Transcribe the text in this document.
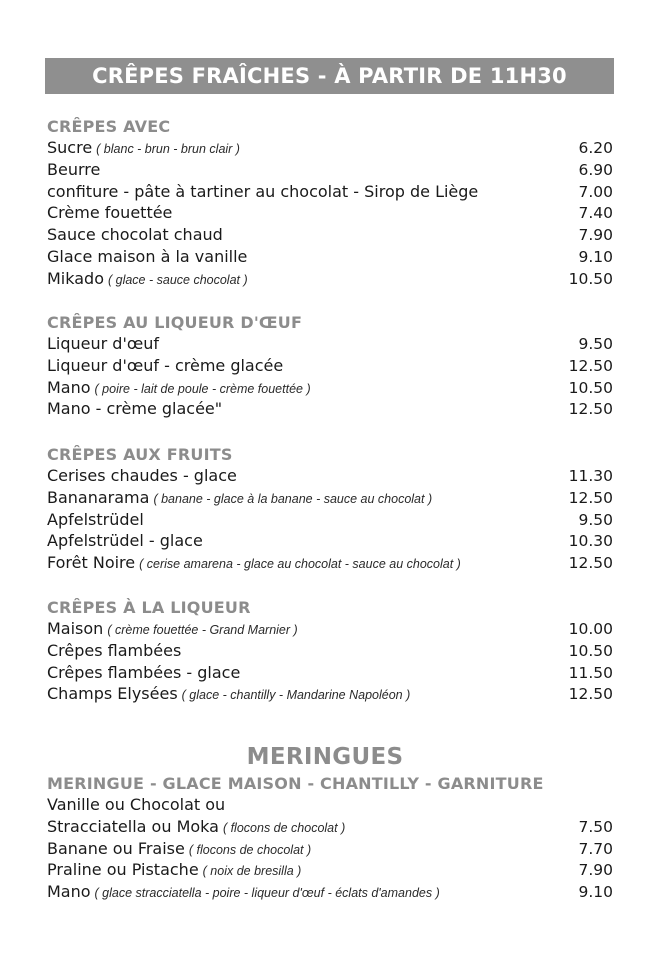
CRÊPES FRAÎCHES - À PARTIR DE 11H30
CRÊPES AVEC
Sucre ( blanc - brun - brun clair )	6.20
Beurre	6.90
confiture - pâte à tartiner au chocolat - Sirop de Liège	7.00
Crème fouettée	7.40
Sauce chocolat chaud	7.90
Glace maison à la vanille	9.10
Mikado ( glace - sauce chocolat )	10.50
CRÊPES AU LIQUEUR D'ŒUF
Liqueur d'œuf	9.50
Liqueur d'œuf - crème glacée	12.50
Mano ( poire - lait de poule - crème fouettée )	10.50
Mano - crème glacée"	12.50
CRÊPES AUX FRUITS
Cerises chaudes - glace	11.30
Bananarama ( banane - glace à la banane - sauce au chocolat )	12.50
Apfelstrüdel	9.50
Apfelstrüdel - glace	10.30
Forêt Noire ( cerise amarena - glace au chocolat - sauce au chocolat )	12.50
CRÊPES À LA LIQUEUR
Maison ( crème fouettée - Grand Marnier )	10.00
Crêpes flambées	10.50
Crêpes flambées - glace	11.50
Champs Elysées ( glace - chantilly - Mandarine Napoléon )	12.50
MERINGUES
MERINGUE - GLACE MAISON - CHANTILLY - GARNITURE
Vanille ou Chocolat ou
Stracciatella ou Moka ( flocons de chocolat )	7.50
Banane ou Fraise ( flocons de chocolat )	7.70
Praline ou Pistache ( noix de bresilla )	7.90
Mano ( glace stracciatella - poire - liqueur d'œuf - éclats d'amandes )	9.10
